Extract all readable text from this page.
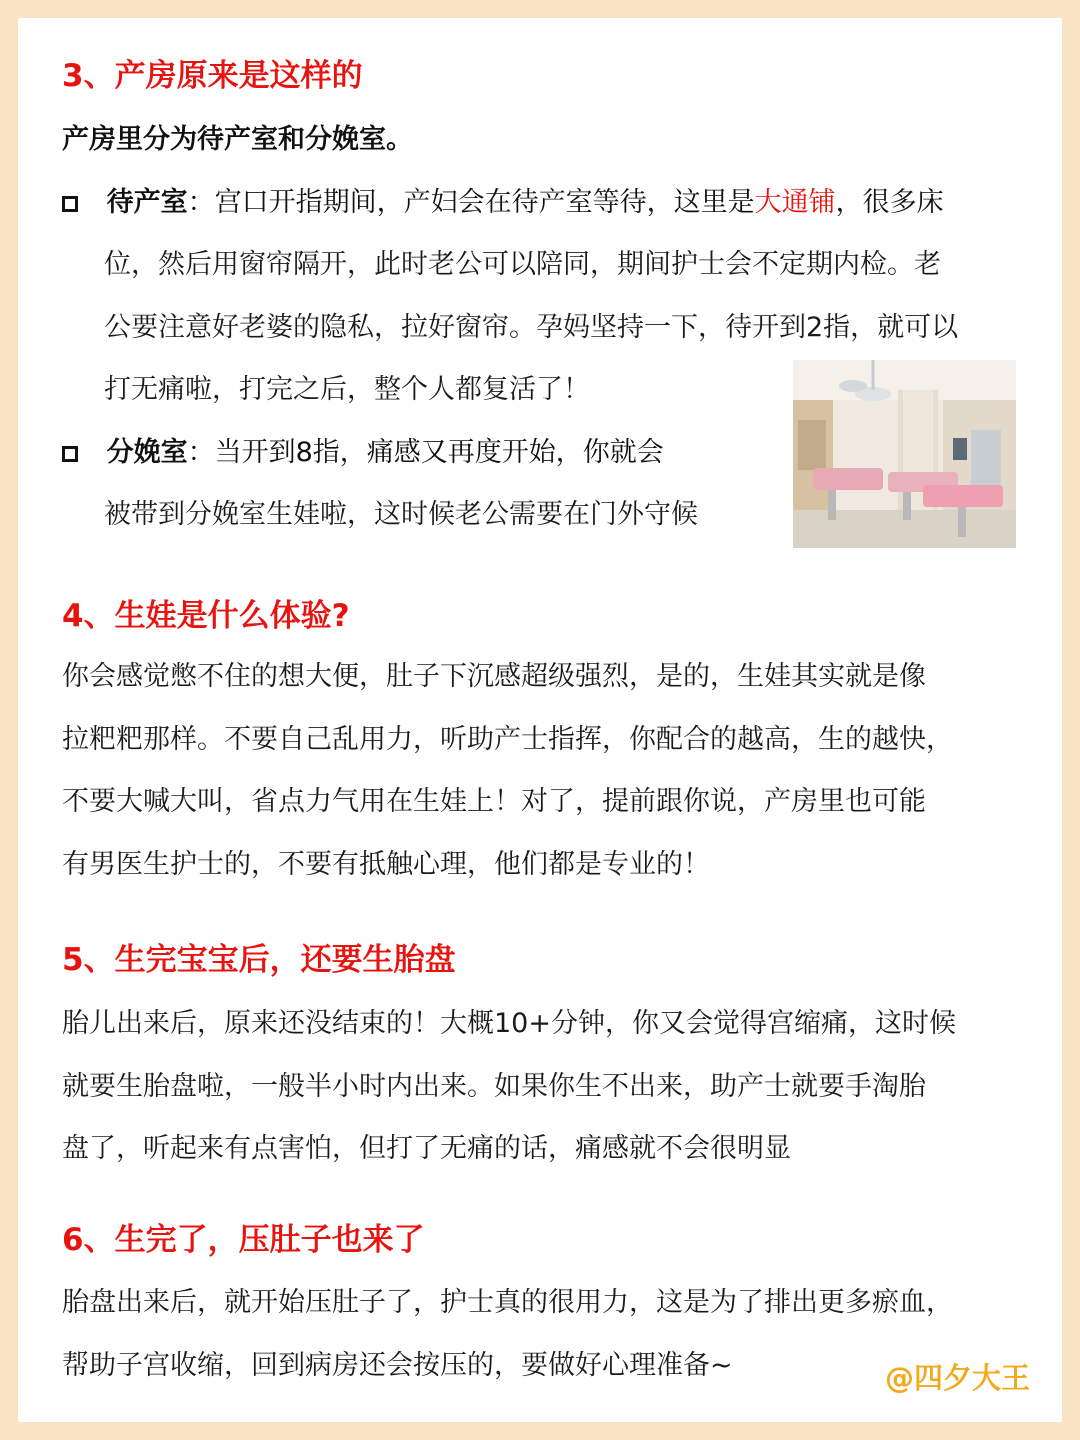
3、产房原来是这样的

产房里分为待产室和分娩室。

待产室：宫口开指期间，产妇会在待产室等待，这里是大通铺，很多床

位，然后用窗帘隔开，此时老公可以陪同，期间护士会不定期内检。老

公要注意好老婆的隐私，拉好窗帘。孕妈坚持一下，待开到2指，就可以

打无痛啦，打完之后，整个人都复活了！

分娩室：当开到8指，痛感又再度开始，你就会

被带到分娩室生娃啦，这时候老公需要在门外守候

4、生娃是什么体验?

你会感觉憋不住的想大便，肚子下沉感超级强烈，是的，生娃其实就是像

拉粑粑那样。不要自己乱用力，听助产士指挥，你配合的越高，生的越快，

不要大喊大叫，省点力气用在生娃上！对了，提前跟你说，产房里也可能

有男医生护士的，不要有抵触心理，他们都是专业的！

5、生完宝宝后，还要生胎盘

胎儿出来后，原来还没结束的！大概10+分钟，你又会觉得宫缩痛，这时候

就要生胎盘啦，一般半小时内出来。如果你生不出来，助产士就要手淘胎

盘了，听起来有点害怕，但打了无痛的话，痛感就不会很明显

6、生完了，压肚子也来了

胎盘出来后，就开始压肚子了，护士真的很用力，这是为了排出更多瘀血，

帮助子宫收缩，回到病房还会按压的，要做好心理准备~	@四夕大王
